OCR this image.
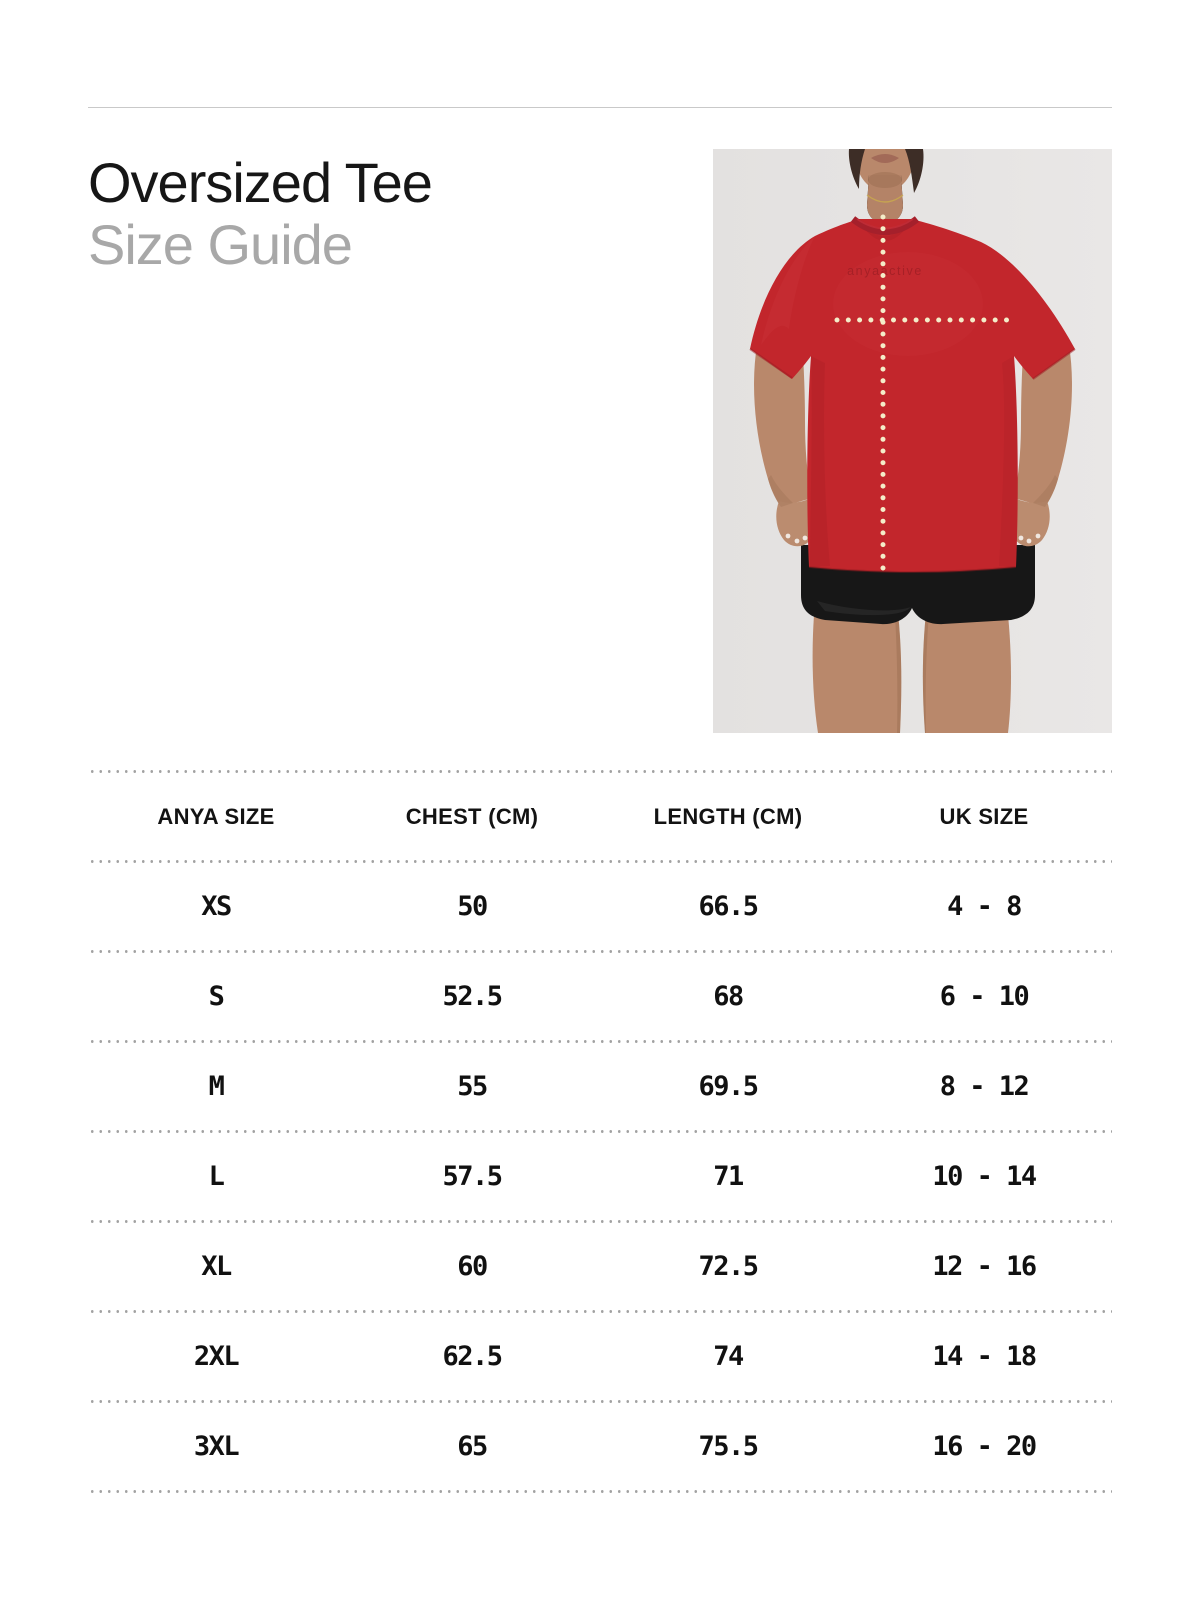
Oversized Tee
Size Guide	anyaactive
ANYA SIZE	CHEST (CM)	LENGTH (CM)	UK SIZE
XS	50	66.5	4 - 8
S	52.5	68	6 - 10
M	55	69.5	8 - 12
L	57.5	71	10 - 14
XL	60	72.5	12 - 16
2XL	62.5	74	14 - 18
3XL	65	75.5	16 - 20
